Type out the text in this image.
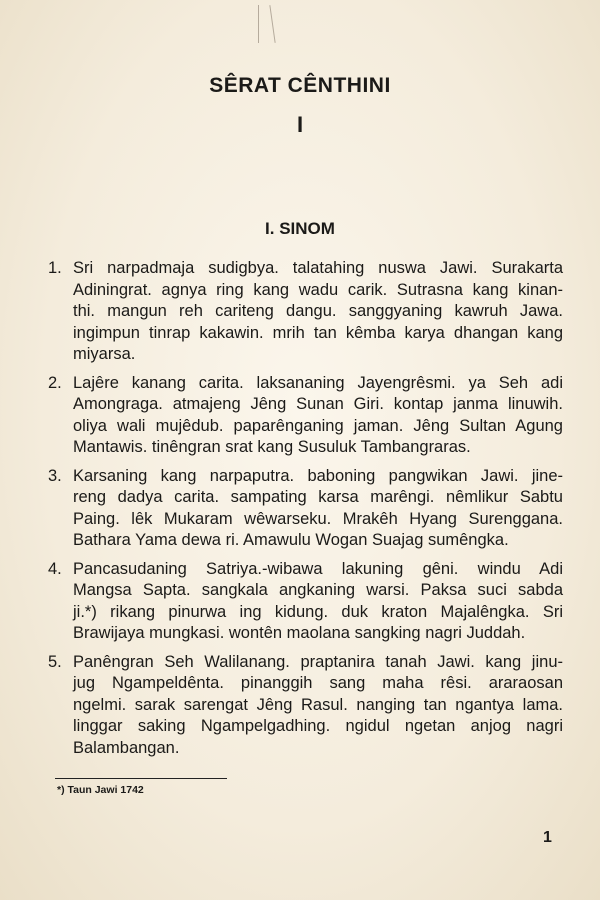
SÊRAT CÊNTHINI
I
I. SINOM
1. Sri narpadmaja sudigbya. talatahing nuswa Jawi. Surakarta
Adiningrat. agnya ring kang wadu carik. Sutrasna kang kinan-
thi. mangun reh cariteng dangu. sanggyaning kawruh Jawa.
ingimpun tinrap kakawin. mrih tan kêmba karya dhangan kang
miyarsa.
2. Lajêre kanang carita. laksananing Jayengrêsmi. ya Seh adi
Amongraga. atmajeng Jêng Sunan Giri. kontap janma linuwih.
oliya wali mujêdub. paparênganing jaman. Jêng Sultan Agung
Mantawis. tinêngran srat kang Susuluk Tambangraras.
3. Karsaning kang narpaputra. baboning pangwikan Jawi. jine-
reng dadya carita. sampating karsa marêngi. nêmlikur Sabtu
Paing. lêk Mukaram wêwarseku. Mrakêh Hyang Surenggana.
Bathara Yama dewa ri. Amawulu Wogan Suajag sumêngka.
4. Pancasudaning Satriya.-wibawa lakuning gêni. windu Adi
Mangsa Sapta. sangkala angkaning warsi. Paksa suci sabda
ji.*) rikang pinurwa ing kidung. duk kraton Majalêngka. Sri
Brawijaya mungkasi. wontên maolana sangking nagri Juddah.
5. Panêngran Seh Walilanang. praptanira tanah Jawi. kang jinu-
jug Ngampeldênta. pinanggih sang maha rêsi. araraosan
ngelmi. sarak sarengat Jêng Rasul. nanging tan ngantya lama.
linggar saking Ngampelgadhing. ngidul ngetan anjog nagri
Balambangan.
*) Taun Jawi 1742
1
